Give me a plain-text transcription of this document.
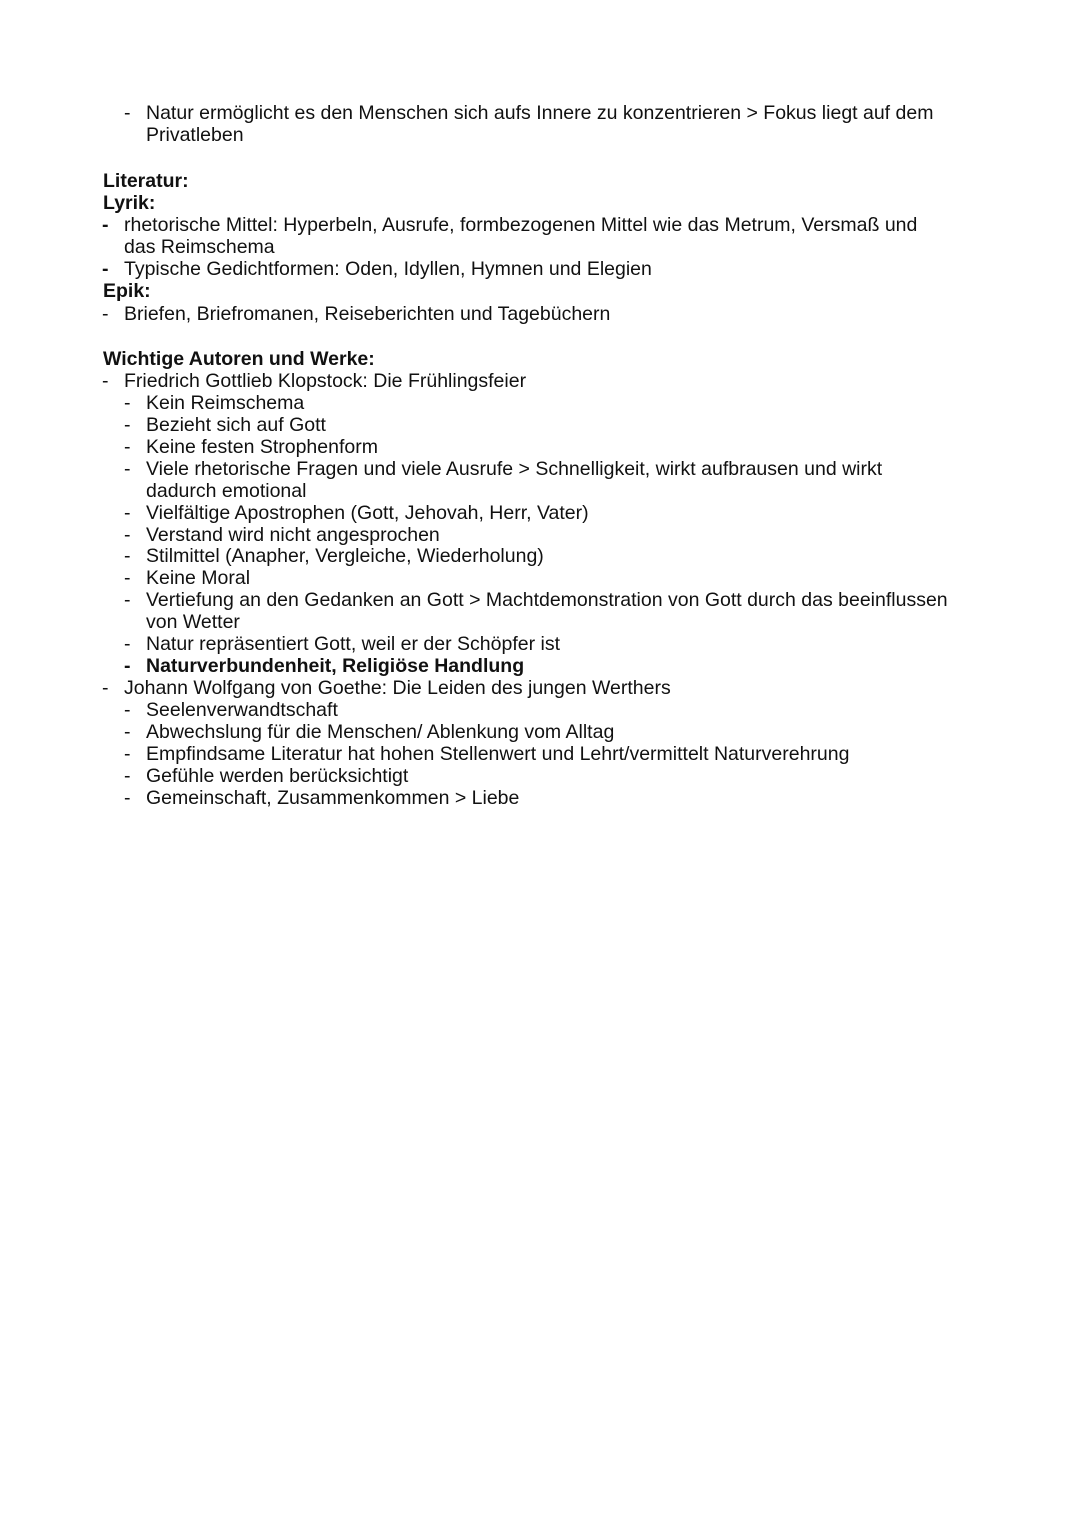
- Natur ermöglicht es den Menschen sich aufs Innere zu konzentrieren > Fokus liegt auf dem
Privatleben
Literatur:
Lyrik:
- rhetorische Mittel: Hyperbeln, Ausrufe, formbezogenen Mittel wie das Metrum, Versmaß und
das Reimschema
- Typische Gedichtformen: Oden, Idyllen, Hymnen und Elegien
Epik:
- Briefen, Briefromanen, Reiseberichten und Tagebüchern
Wichtige Autoren und Werke:
- Friedrich Gottlieb Klopstock: Die Frühlingsfeier
- Kein Reimschema
- Bezieht sich auf Gott
- Keine festen Strophenform
- Viele rhetorische Fragen und viele Ausrufe > Schnelligkeit, wirkt aufbrausen und wirkt
dadurch emotional
- Vielfältige Apostrophen (Gott, Jehovah, Herr, Vater)
- Verstand wird nicht angesprochen
- Stilmittel (Anapher, Vergleiche, Wiederholung)
- Keine Moral
- Vertiefung an den Gedanken an Gott > Machtdemonstration von Gott durch das beeinflussen
von Wetter
- Natur repräsentiert Gott, weil er der Schöpfer ist
- Naturverbundenheit, Religiöse Handlung
- Johann Wolfgang von Goethe: Die Leiden des jungen Werthers
- Seelenverwandtschaft
- Abwechslung für die Menschen/ Ablenkung vom Alltag
- Empfindsame Literatur hat hohen Stellenwert und Lehrt/vermittelt Naturverehrung
- Gefühle werden berücksichtigt
- Gemeinschaft, Zusammenkommen > Liebe
